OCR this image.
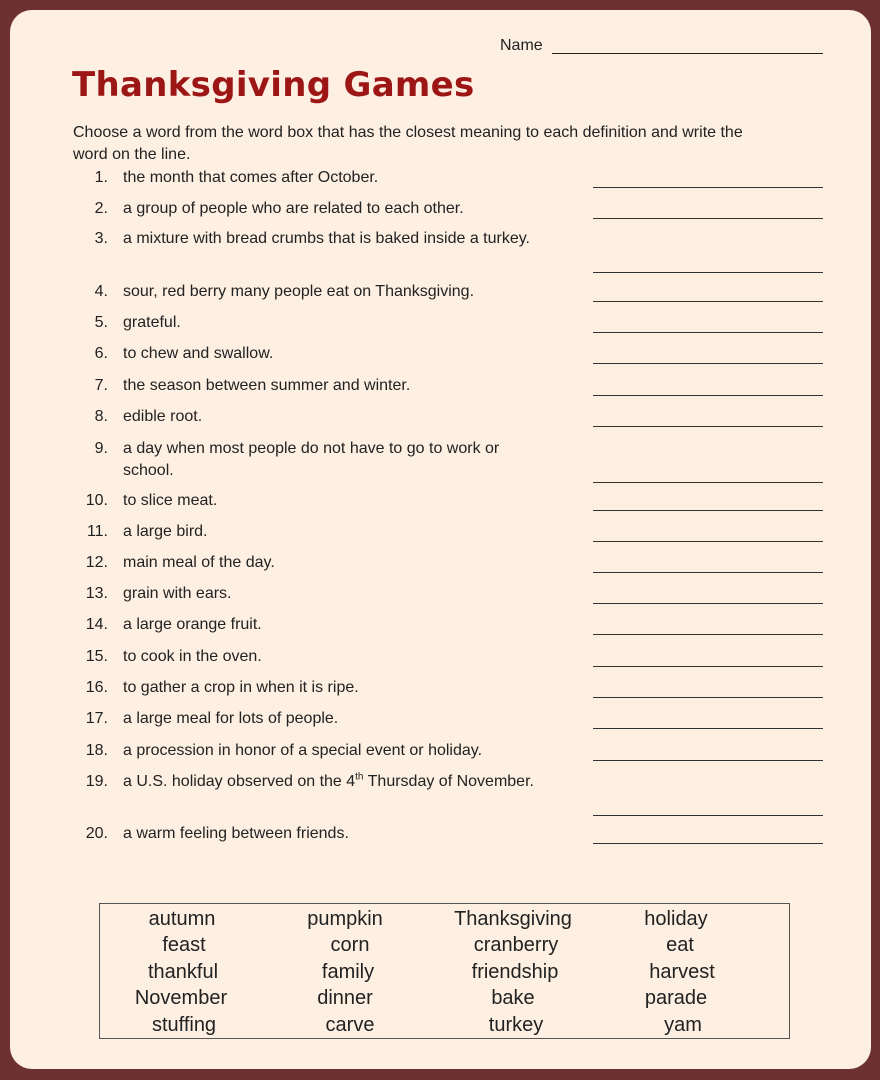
Name
Thanksgiving Games
Choose a word from the word box that has the closest meaning to each definition and write the word on the line.
1. the month that comes after October.
2. a group of people who are related to each other.
3. a mixture with bread crumbs that is baked inside a turkey.
4. sour, red berry many people eat on Thanksgiving.
5. grateful.
6. to chew and swallow.
7. the season between summer and winter.
8. edible root.
9. a day when most people do not have to go to work or school.
10. to slice meat.
11. a large bird.
12. main meal of the day.
13. grain with ears.
14. a large orange fruit.
15. to cook in the oven.
16. to gather a crop in when it is ripe.
17. a large meal for lots of people.
18. a procession in honor of a special event or holiday.
19. a U.S. holiday observed on the 4th Thursday of November.
20. a warm feeling between friends.
autumn	pumpkin	Thanksgiving	holiday
feast	corn	cranberry	eat
thankful	family	friendship	harvest
November	dinner	bake	parade
stuffing	carve	turkey	yam
